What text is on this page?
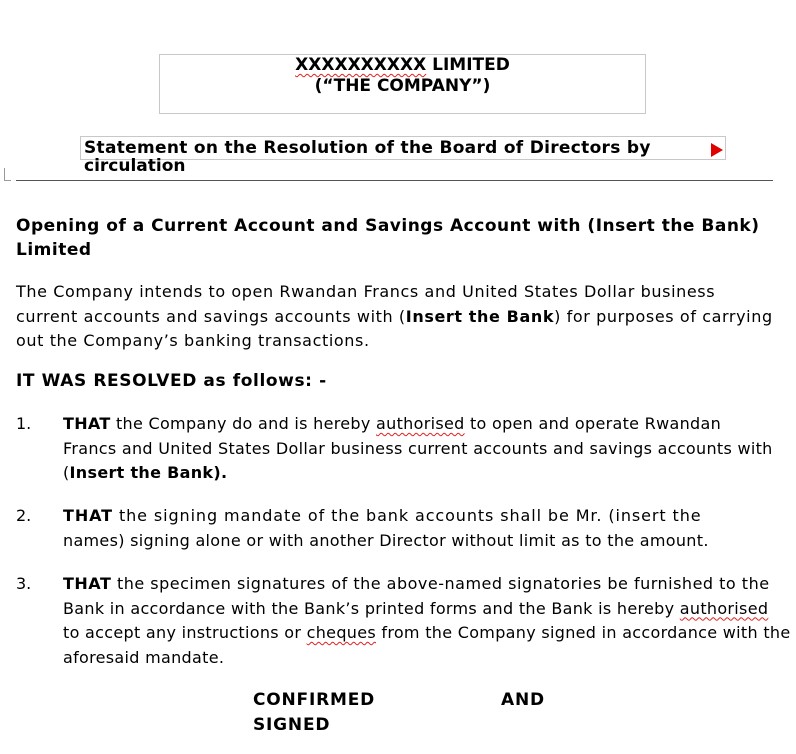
XXXXXXXXXX LIMITED
(“THE COMPANY”)
Statement on the Resolution of the Board of Directors by
circulation
Opening of a Current Account and Savings Account with (Insert the Bank)
Limited
The Company intends to open Rwandan Francs and United States Dollar business
current accounts and savings accounts with (Insert the Bank) for purposes of carrying
out the Company’s banking transactions.
IT WAS RESOLVED as follows: -
1. THAT the Company do and is hereby authorised to open and operate Rwandan
Francs and United States Dollar business current accounts and savings accounts with
(Insert the Bank).
2. THAT the signing mandate of the bank accounts shall be Mr. (insert the
names) signing alone or with another Director without limit as to the amount.
3. THAT the specimen signatures of the above-named signatories be furnished to the
Bank in accordance with the Bank’s printed forms and the Bank is hereby authorised
to accept any instructions or cheques from the Company signed in accordance with the
aforesaid mandate.
CONFIRMED
SIGNED
AND
